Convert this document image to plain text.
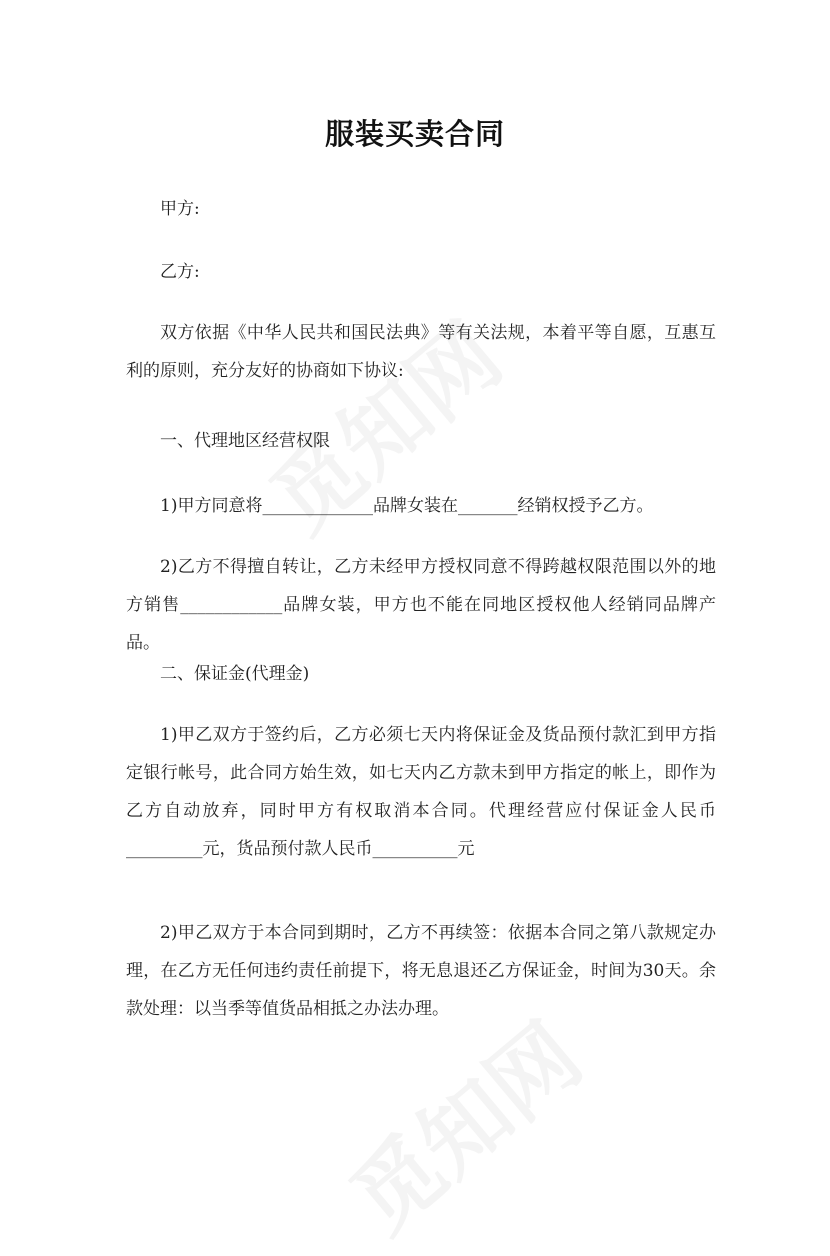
服装买卖合同

甲方:

乙方:

双方依据《中华人民共和国民法典》等有关法规，本着平等自愿，互惠互利的原则，充分友好的协商如下协议:

一、代理地区经营权限

1)甲方同意将_____________品牌女装在_______经销权授予乙方。

2)乙方不得擅自转让，乙方未经甲方授权同意不得跨越权限范围以外的地方销售____________品牌女装，甲方也不能在同地区授权他人经销同品牌产品。

二、保证金(代理金)

1)甲乙双方于签约后，乙方必须七天内将保证金及货品预付款汇到甲方指定银行帐号，此合同方始生效，如七天内乙方款未到甲方指定的帐上，即作为乙方自动放弃，同时甲方有权取消本合同。代理经营应付保证金人民币_________元，货品预付款人民币__________元

2)甲乙双方于本合同到期时，乙方不再续签：依据本合同之第八款规定办理，在乙方无任何违约责任前提下，将无息退还乙方保证金，时间为30天。余款处理：以当季等值货品相抵之办法办理。
